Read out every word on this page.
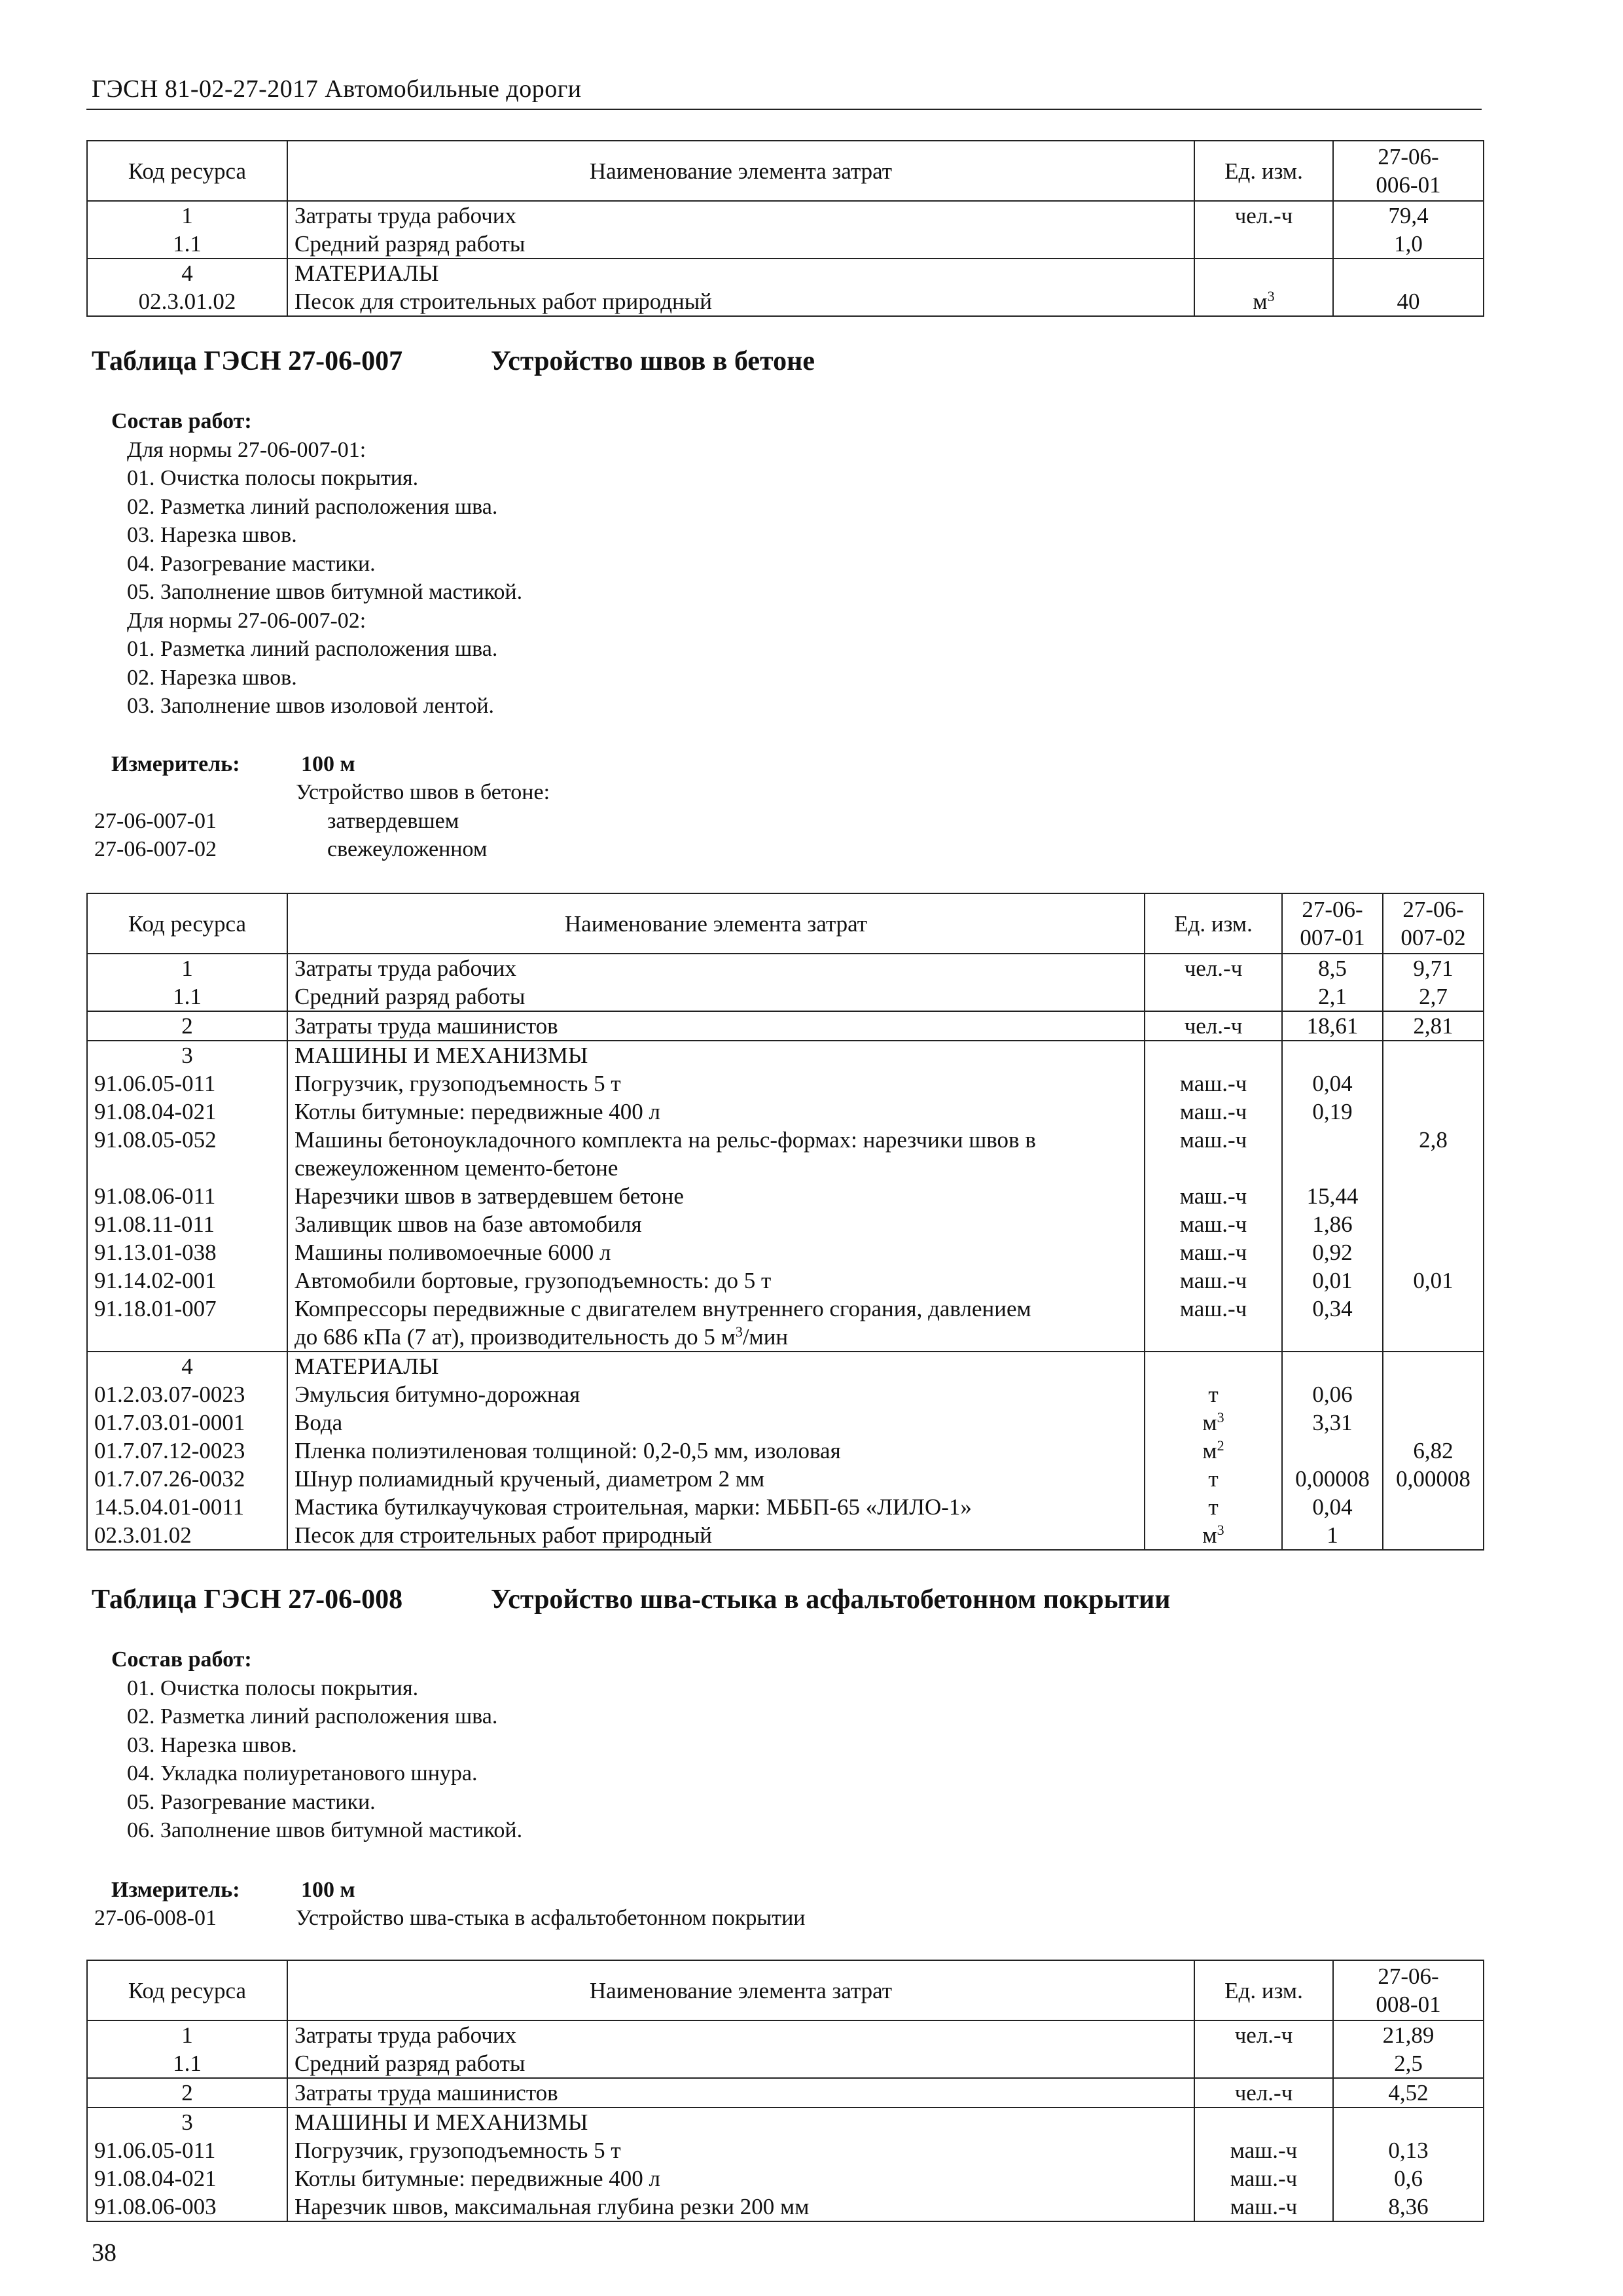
ГЭСН 81-02-27-2017 Автомобильные дороги
Код ресурса	Наименование элемента затрат	Ед. изм.	27-06-
006-01
1	Затраты труда рабочих	чел.-ч	79,4
1.1	Средний разряд работы		1,0
4	МАТЕРИАЛЫ		
02.3.01.02	Песок для строительных работ природный	$м^3$	40
Таблица ГЭСН 27-06-007	Устройство швов в бетоне
Состав работ:
Для нормы 27-06-007-01:
01. Очистка полосы покрытия.
02. Разметка линий расположения шва.
03. Нарезка швов.
04. Разогревание мастики.
05. Заполнение швов битумной мастикой.
Для нормы 27-06-007-02:
01. Разметка линий расположения шва.
02. Нарезка швов.
03. Заполнение швов изоловой лентой.
Измеритель:	100 м
Устройство швов в бетоне:
27-06-007-01	затвердевшем
27-06-007-02	свежеуложенном
Код ресурса	Наименование элемента затрат	Ед. изм.	27-06-
007-01	27-06-
007-02
1	Затраты труда рабочих	чел.-ч	8,5	9,71
1.1	Средний разряд работы		2,1	2,7
2	Затраты труда машинистов	чел.-ч	18,61	2,81
3	МАШИНЫ И МЕХАНИЗМЫ			
91.06.05-011	Погрузчик, грузоподъемность 5 т	маш.-ч	0,04	
91.08.04-021	Котлы битумные: передвижные 400 л	маш.-ч	0,19	
91.08.05-052	Машины бетоноукладочного комплекта на рельс-формах: нарезчики швов в
свежеуложенном цементо-бетоне	маш.-ч		2,8
91.08.06-011	Нарезчики швов в затвердевшем бетоне	маш.-ч	15,44	
91.08.11-011	Заливщик швов на базе автомобиля	маш.-ч	1,86	
91.13.01-038	Машины поливомоечные 6000 л	маш.-ч	0,92	
91.14.02-001	Автомобили бортовые, грузоподъемность: до 5 т	маш.-ч	0,01	0,01
91.18.01-007	Компрессоры передвижные с двигателем внутреннего сгорания, давлением
до 686 кПа (7 ат), производительность до 5 $м^3$/мин	маш.-ч	0,34	
4	МАТЕРИАЛЫ			
01.2.03.07-0023	Эмульсия битумно-дорожная	т	0,06	
01.7.03.01-0001	Вода	$м^3$	3,31	
01.7.07.12-0023	Пленка полиэтиленовая толщиной: 0,2-0,5 мм, изоловая	$м^2$		6,82
01.7.07.26-0032	Шнур полиамидный крученый, диаметром 2 мм	т	0,00008	0,00008
14.5.04.01-0011	Мастика бутилкаучуковая строительная, марки: МББП-65 «ЛИЛО-1»	т	0,04	
02.3.01.02	Песок для строительных работ природный	$м^3$	1	
Таблица ГЭСН 27-06-008	Устройство шва-стыка в асфальтобетонном покрытии
Состав работ:
01. Очистка полосы покрытия.
02. Разметка линий расположения шва.
03. Нарезка швов.
04. Укладка полиуретанового шнура.
05. Разогревание мастики.
06. Заполнение швов битумной мастикой.
Измеритель:	100 м
27-06-008-01	Устройство шва-стыка в асфальтобетонном покрытии
Код ресурса	Наименование элемента затрат	Ед. изм.	27-06-
008-01
1	Затраты труда рабочих	чел.-ч	21,89
1.1	Средний разряд работы		2,5
2	Затраты труда машинистов	чел.-ч	4,52
3	МАШИНЫ И МЕХАНИЗМЫ		
91.06.05-011	Погрузчик, грузоподъемность 5 т	маш.-ч	0,13
91.08.04-021	Котлы битумные: передвижные 400 л	маш.-ч	0,6
91.08.06-003	Нарезчик швов, максимальная глубина резки 200 мм	маш.-ч	8,36
38
